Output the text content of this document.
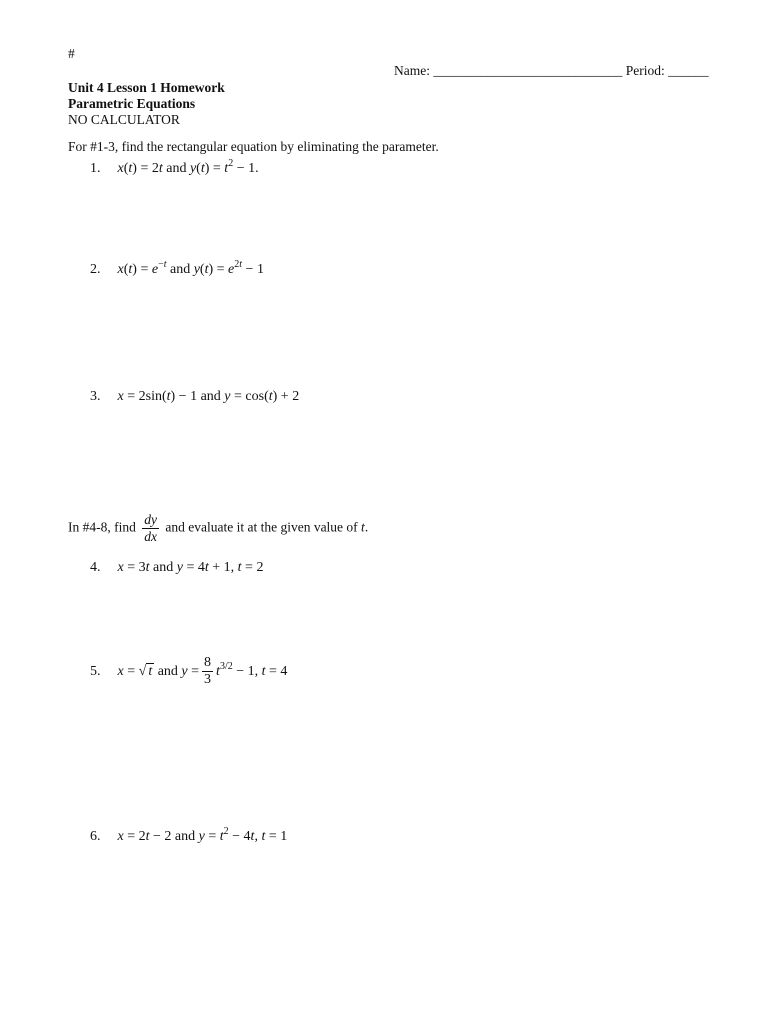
#
Name: ____________________________ Period: ______
Unit 4 Lesson 1 Homework
Parametric Equations
NO CALCULATOR
For #1-3, find the rectangular equation by eliminating the parameter.
1. x(t) = 2t and $y(t) = t^2 - 1$.
2. $x(t) = e^{-t}$ and $y(t) = e^{2t} - 1$
3. x = 2sin(t) − 1 and y = cos(t) + 2
In #4-8, find $\frac{dy}{dx}$ and evaluate it at the given value of t.
4. x = 3t and y = 4t + 1, t = 2
5. x = √ t and $y = \frac{8}{3} t^{3/2} - 1$, t = 4
6. x = 2t − 2 and $y = t^2 - 4t$, t = 1
